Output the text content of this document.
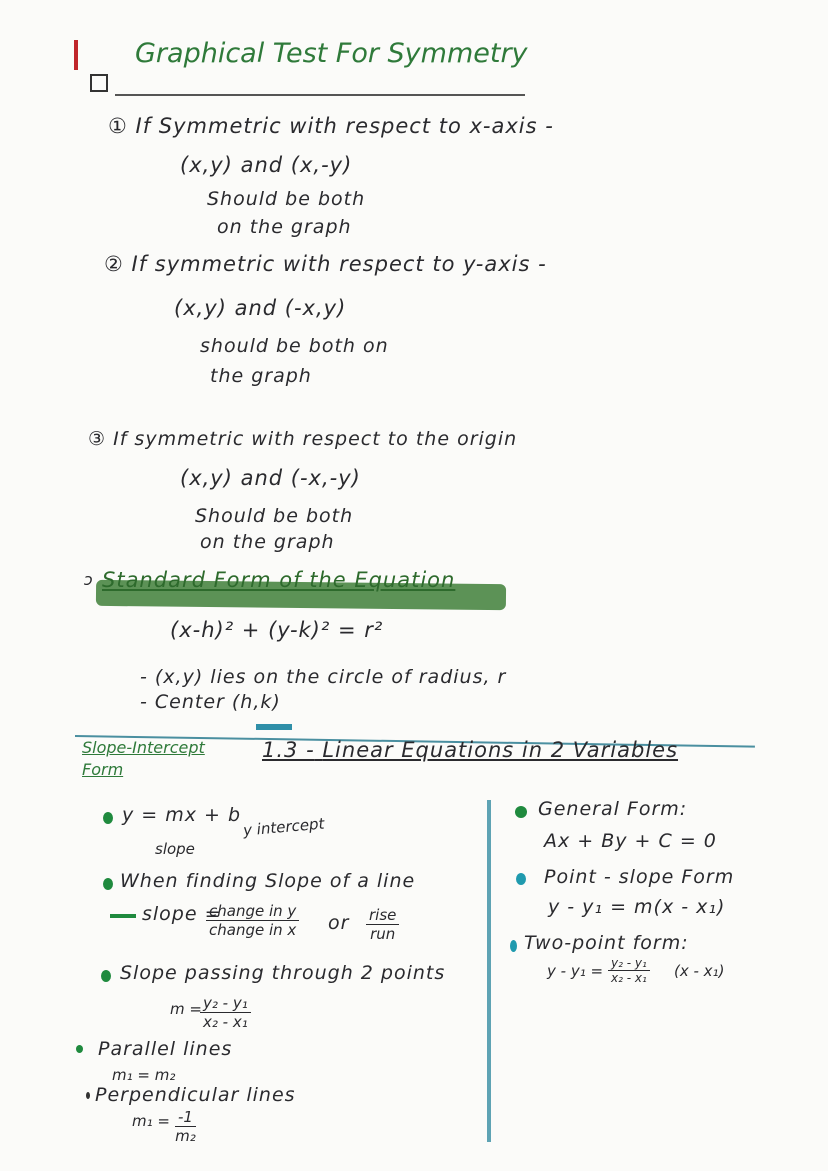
Graphical Test For Symmetry
① If Symmetric with respect to x-axis -
(x,y) and (x,-y)
Should be both
on the graph
② If symmetric with respect to y-axis -
(x,y) and (-x,y)
should be both on
the graph
③ If symmetric with respect to the origin
(x,y) and (-x,-y)
Should be both
on the graph
ɔ Standard Form of the Equation
(x-h)² + (y-k)² = r²
- (x,y) lies on the circle of radius, r
- Center (h,k)
Slope-Intercept
Form
1.3 - Linear Equations in 2 Variables
y = mx + b
slope
y intercept
When finding Slope of a line
slope =
change in y
change in x or rise
run
Slope passing through 2 points
m =
$\frac{\text{y₂ - y₁}}{\text{x₂ - x₁}}$
Parallel lines
m₁ = m₂
Perpendicular lines
$m_1 = \frac{-1}{\text{m₂}}$
General Form:
Ax + By + C = 0
Point - slope Form
y - y₁ = m(x - x₁)
Two-point form:
$y - y_1 = \frac{\text{y₂ - y₁}}{\text{x₂ - x₁}} (x - x_1)$
